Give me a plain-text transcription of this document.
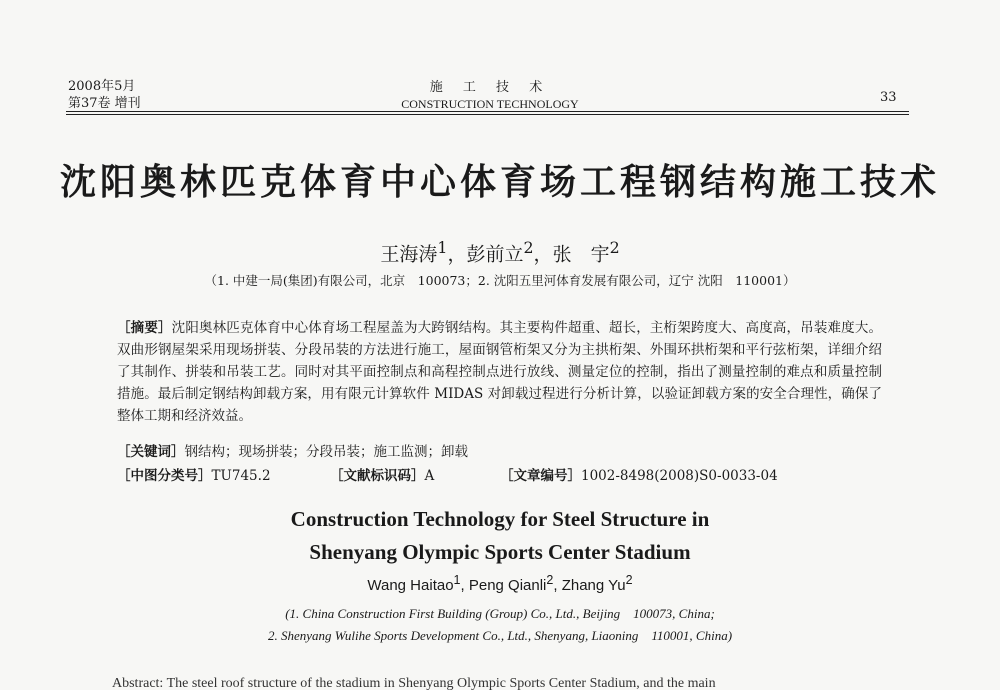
2008年5月
第37卷 增刊
施 工 技 术
CONSTRUCTION TECHNOLOGY	33
沈阳奥林匹克体育中心体育场工程钢结构施工技术
王海涛$^1$，彭前立$^2$，张　宇$^2$
（1. 中建一局(集团)有限公司，北京　100073；2. 沈阳五里河体育发展有限公司，辽宁 沈阳　110001）
［摘要］沈阳奥林匹克体育中心体育场工程屋盖为大跨钢结构。其主要构件超重、超长，主桁架跨度大、高度高，吊装难度大。双曲形钢屋架采用现场拼装、分段吊装的方法进行施工，屋面钢管桁架又分为主拱桁架、外围环拱桁架和平行弦桁架，详细介绍了其制作、拼装和吊装工艺。同时对其平面控制点和高程控制点进行放线、测量定位的控制，指出了测量控制的难点和质量控制措施。最后制定钢结构卸载方案，用有限元计算软件 MIDAS 对卸载过程进行分析计算，以验证卸载方案的安全合理性，确保了整体工期和经济效益。
［关键词］钢结构；现场拼装；分段吊装；施工监测；卸载
［中图分类号］TU745.2	［文献标识码］A	［文章编号］1002-8498(2008)S0-0033-04
Construction Technology for Steel Structure in
Shenyang Olympic Sports Center Stadium
Wang Haitao$^1$, Peng Qianli$^2$, Zhang Yu$^2$
(1. China Construction First Building (Group) Co., Ltd., Beijing　100073, China;
2. Shenyang Wulihe Sports Development Co., Ltd., Shenyang, Liaoning　110001, China)
Abstract: The steel roof structure of the stadium in Shenyang Olympic Sports Center Stadium, and the main
